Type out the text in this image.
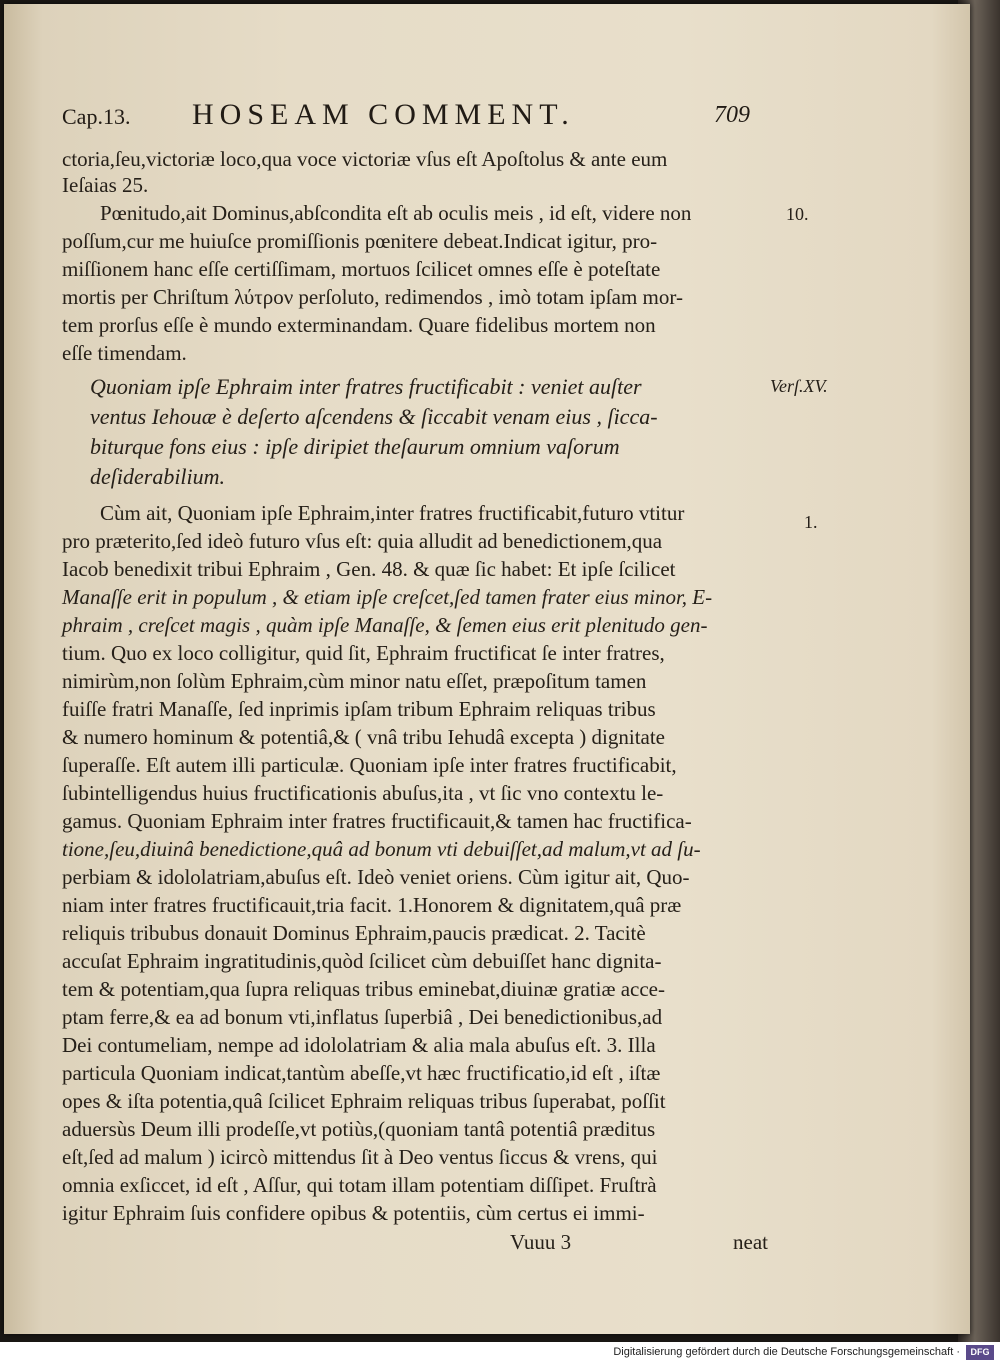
Cap.13. HOSEAM COMMENT.	709
ctoria,ſeu,victoriæ loco,qua voce victoriæ vſus eſt Apoſtolus & ante eum
Ieſaias 25.
Pœnitudo,ait Dominus,abſcondita eſt ab oculis meis , id eſt, videre non
poſſum,cur me huiuſce promiſſionis pœnitere debeat.Indicat igitur, pro-
miſſionem hanc eſſe certiſſimam, mortuos ſcilicet omnes eſſe è poteſtate
mortis per Chriſtum λύτρον perſoluto, redimendos , imò totam ipſam mor-
tem prorſus eſſe è mundo exterminandam. Quare fidelibus mortem non
eſſe timendam.
Quoniam ipſe Ephraim inter fratres fructificabit : veniet auſter
ventus Iehouæ è deſerto aſcendens & ſiccabit venam eius , ſicca-
biturque fons eius : ipſe diripiet theſaurum omnium vaſorum
deſiderabilium.
Cùm ait, Quoniam ipſe Ephraim,inter fratres fructificabit,futuro vtitur
pro præterito,ſed ideò futuro vſus eſt: quia alludit ad benedictionem,qua
Iacob benedixit tribui Ephraim , Gen. 48. & quæ ſic habet: Et ipſe ſcilicet
Manaſſe erit in populum , & etiam ipſe creſcet,ſed tamen frater eius minor, E-
phraim , creſcet magis , quàm ipſe Manaſſe, & ſemen eius erit plenitudo gen-
tium. Quo ex loco colligitur, quid ſit, Ephraim fructificat ſe inter fratres,
nimirùm,non ſolùm Ephraim,cùm minor natu eſſet, præpoſitum tamen
fuiſſe fratri Manaſſe, ſed inprimis ipſam tribum Ephraim reliquas tribus
& numero hominum & potentiâ,& ( vnâ tribu Iehudâ excepta ) dignitate
ſuperaſſe. Eſt autem illi particulæ. Quoniam ipſe inter fratres fructificabit,
ſubintelligendus huius fructificationis abuſus,ita , vt ſic vno contextu le-
gamus. Quoniam Ephraim inter fratres fructificauit,& tamen hac fructifica-
tione,ſeu,diuinâ benedictione,quâ ad bonum vti debuiſſet,ad malum,vt ad ſu-
perbiam & idololatriam,abuſus eſt. Ideò veniet oriens. Cùm igitur ait, Quo-
niam inter fratres fructificauit,tria facit. 1.Honorem & dignitatem,quâ præ
reliquis tribubus donauit Dominus Ephraim,paucis prædicat. 2. Tacitè
accuſat Ephraim ingratitudinis,quòd ſcilicet cùm debuiſſet hanc dignita-
tem & potentiam,qua ſupra reliquas tribus eminebat,diuinæ gratiæ acce-
ptam ferre,& ea ad bonum vti,inflatus ſuperbiâ , Dei benedictionibus,ad
Dei contumeliam, nempe ad idololatriam & alia mala abuſus eſt. 3. Illa
particula Quoniam indicat,tantùm abeſſe,vt hæc fructificatio,id eſt , iſtæ
opes & iſta potentia,quâ ſcilicet Ephraim reliquas tribus ſuperabat, poſſit
aduersùs Deum illi prodeſſe,vt potiùs,(quoniam tantâ potentiâ præditus
eſt,ſed ad malum ) icircò mittendus ſit à Deo ventus ſiccus & vrens, qui
omnia exſiccet, id eſt , Aſſur, qui totam illam potentiam diſſipet. Fruſtrà
igitur Ephraim ſuis confidere opibus & potentiis, cùm certus ei immi-
Vuuu 3	neat
10.
Verſ.XV.
1.
Digitalisierung gefördert durch die Deutsche Forschungsgemeinschaft ·	DFG
